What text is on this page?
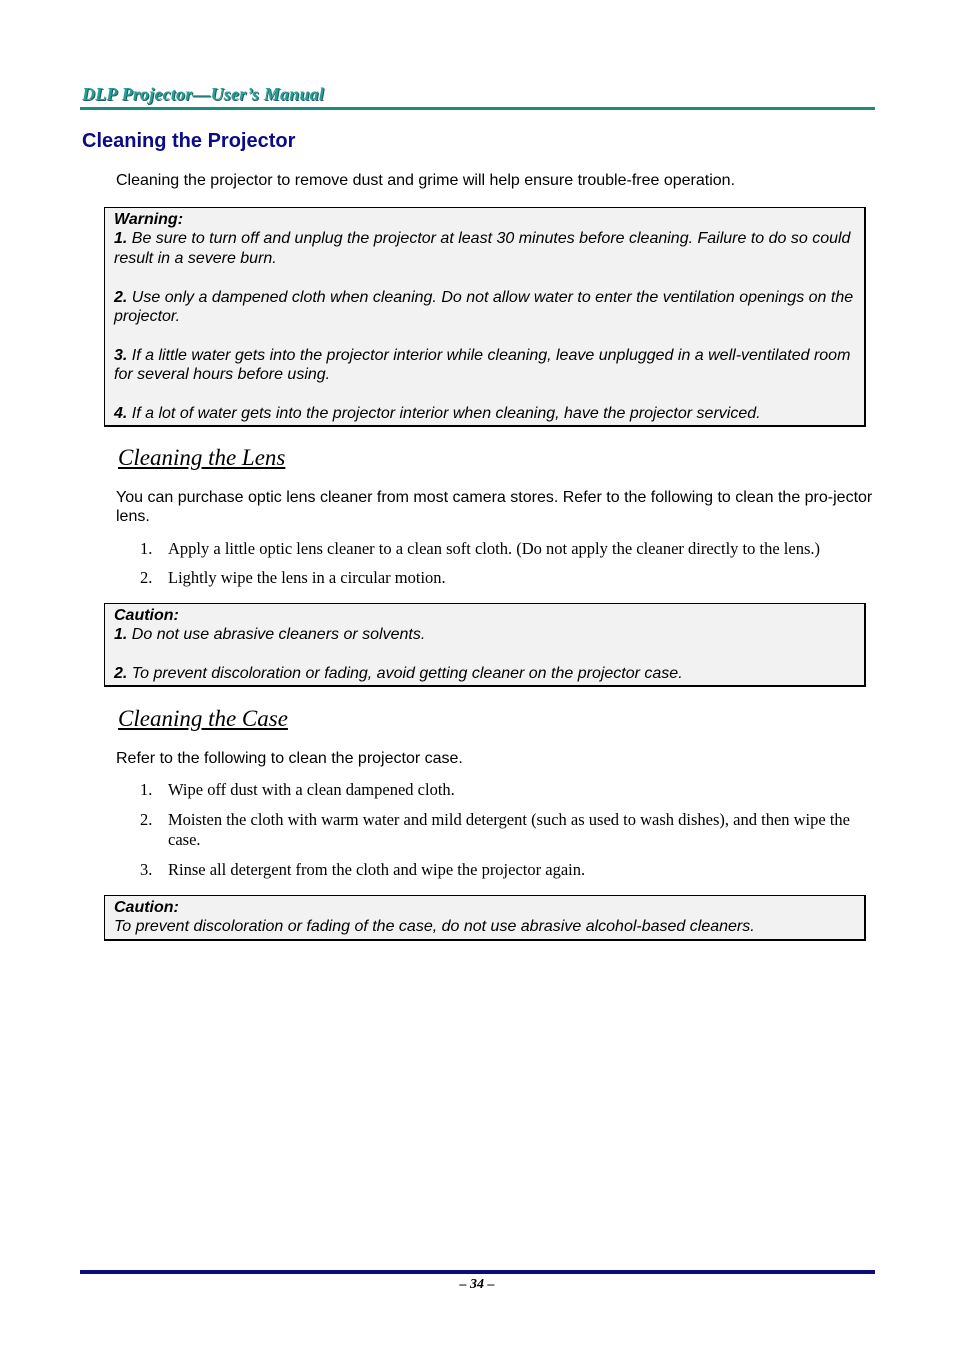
DLP Projector—User’s Manual
Cleaning the Projector
Cleaning the projector to remove dust and grime will help ensure trouble-free operation.
Warning:

1. Be sure to turn off and unplug the projector at least 30 minutes before cleaning. Failure to do so could result in a severe burn.

2. Use only a dampened cloth when cleaning. Do not allow water to enter the ventilation openings on the projector.

3. If a little water gets into the projector interior while cleaning, leave unplugged in a well-ventilated room for several hours before using.

4. If a lot of water gets into the projector interior when cleaning, have the projector serviced.

Cleaning the Lens
You can purchase optic lens cleaner from most camera stores. Refer to the following to clean the pro-jector lens.
1. Apply a little optic lens cleaner to a clean soft cloth. (Do not apply the cleaner directly to the lens.)
2. Lightly wipe the lens in a circular motion.
Caution:

1. Do not use abrasive cleaners or solvents.

2. To prevent discoloration or fading, avoid getting cleaner on the projector case.

Cleaning the Case
Refer to the following to clean the projector case.
1. Wipe off dust with a clean dampened cloth.
2. Moisten the cloth with warm water and mild detergent (such as used to wash dishes), and then wipe the case.
3. Rinse all detergent from the cloth and wipe the projector again.
Caution:

To prevent discoloration or fading of the case, do not use abrasive alcohol-based cleaners.

– 34 –
